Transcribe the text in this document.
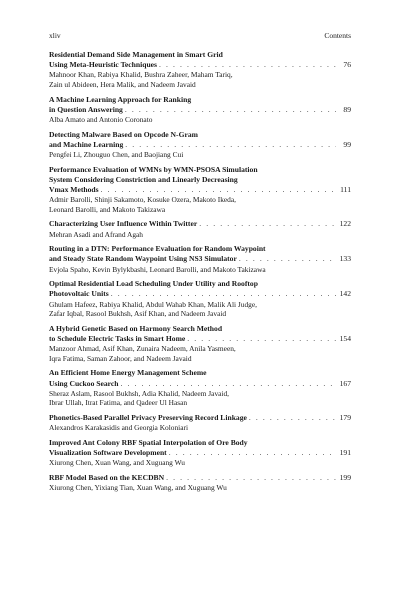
xliv	Contents
Residential Demand Side Management in Smart Grid
Using Meta-Heuristic Techniques . . .	76
Mahnoor Khan, Rabiya Khalid, Bushra Zaheer, Maham Tariq,
Zain ul Abideen, Hera Malik, and Nadeem Javaid
A Machine Learning Approach for Ranking
in Question Answering . . .	89
Alba Amato and Antonio Coronato
Detecting Malware Based on Opcode N-Gram
and Machine Learning . . .	99
Pengfei Li, Zhouguo Chen, and Baojiang Cui
Performance Evaluation of WMNs by WMN-PSOSA Simulation
System Considering Constriction and Linearly Decreasing
Vmax Methods . . .	111
Admir Barolli, Shinji Sakamoto, Kosuke Ozera, Makoto Ikeda,
Leonard Barolli, and Makoto Takizawa
Characterizing User Influence Within Twitter . . .	122
Mehran Asadi and Afrand Agah
Routing in a DTN: Performance Evaluation for Random Waypoint
and Steady State Random Waypoint Using NS3 Simulator . . .	133
Evjola Spaho, Kevin Bylykbashi, Leonard Barolli, and Makoto Takizawa
Optimal Residential Load Scheduling Under Utility and Rooftop
Photovoltaic Units . . .	142
Ghulam Hafeez, Rabiya Khalid, Abdul Wahab Khan, Malik Ali Judge,
Zafar Iqbal, Rasool Bukhsh, Asif Khan, and Nadeem Javaid
A Hybrid Genetic Based on Harmony Search Method
to Schedule Electric Tasks in Smart Home . . .	154
Manzoor Ahmad, Asif Khan, Zunaira Nadeem, Anila Yasmeen,
Iqra Fatima, Saman Zahoor, and Nadeem Javaid
An Efficient Home Energy Management Scheme
Using Cuckoo Search . . .	167
Sheraz Aslam, Rasool Bukhsh, Adia Khalid, Nadeem Javaid,
Ibrar Ullah, Itrat Fatima, and Qadeer Ul Hasan
Phonetics-Based Parallel Privacy Preserving Record Linkage . . .	179
Alexandros Karakasidis and Georgia Koloniari
Improved Ant Colony RBF Spatial Interpolation of Ore Body
Visualization Software Development . . .	191
Xiurong Chen, Xuan Wang, and Xuguang Wu
RBF Model Based on the KECDBN . . .	199
Xiurong Chen, Yixiang Tian, Xuan Wang, and Xuguang Wu
